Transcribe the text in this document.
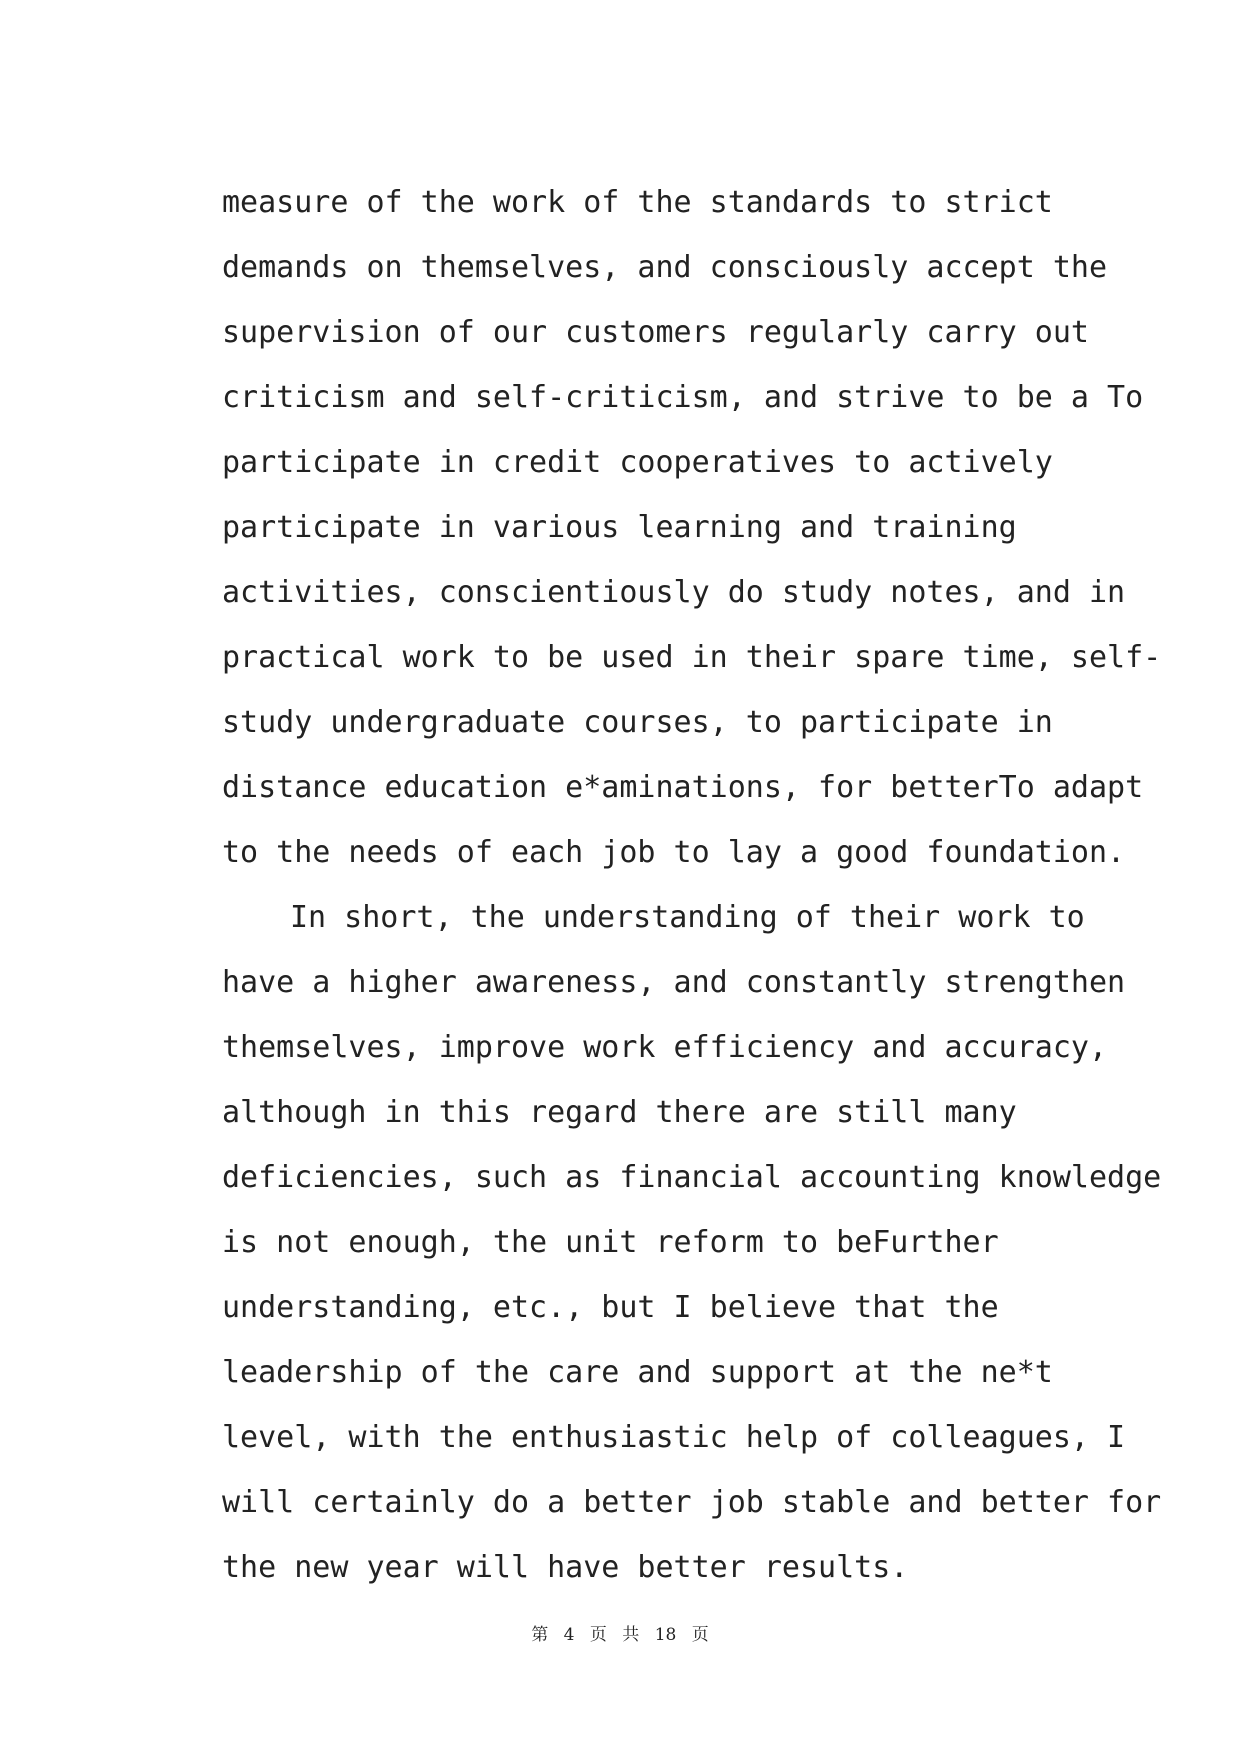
measure of the work of the standards to strict
demands on themselves, and consciously accept the
supervision of our customers regularly carry out
criticism and self-criticism, and strive to be a To
participate in credit cooperatives to actively
participate in various learning and training
activities, conscientiously do study notes, and in
practical work to be used in their spare time, self-
study undergraduate courses, to participate in
distance education e*aminations, for betterTo adapt
to the needs of each job to lay a good foundation.
In short, the understanding of their work to
have a higher awareness, and constantly strengthen
themselves, improve work efficiency and accuracy,
although in this regard there are still many
deficiencies, such as financial accounting knowledge
is not enough, the unit reform to beFurther
understanding, etc., but I believe that the
leadership of the care and support at the ne*t
level, with the enthusiastic help of colleagues, I
will certainly do a better job stable and better for
the new year will have better results.
第 4 页 共 18 页
